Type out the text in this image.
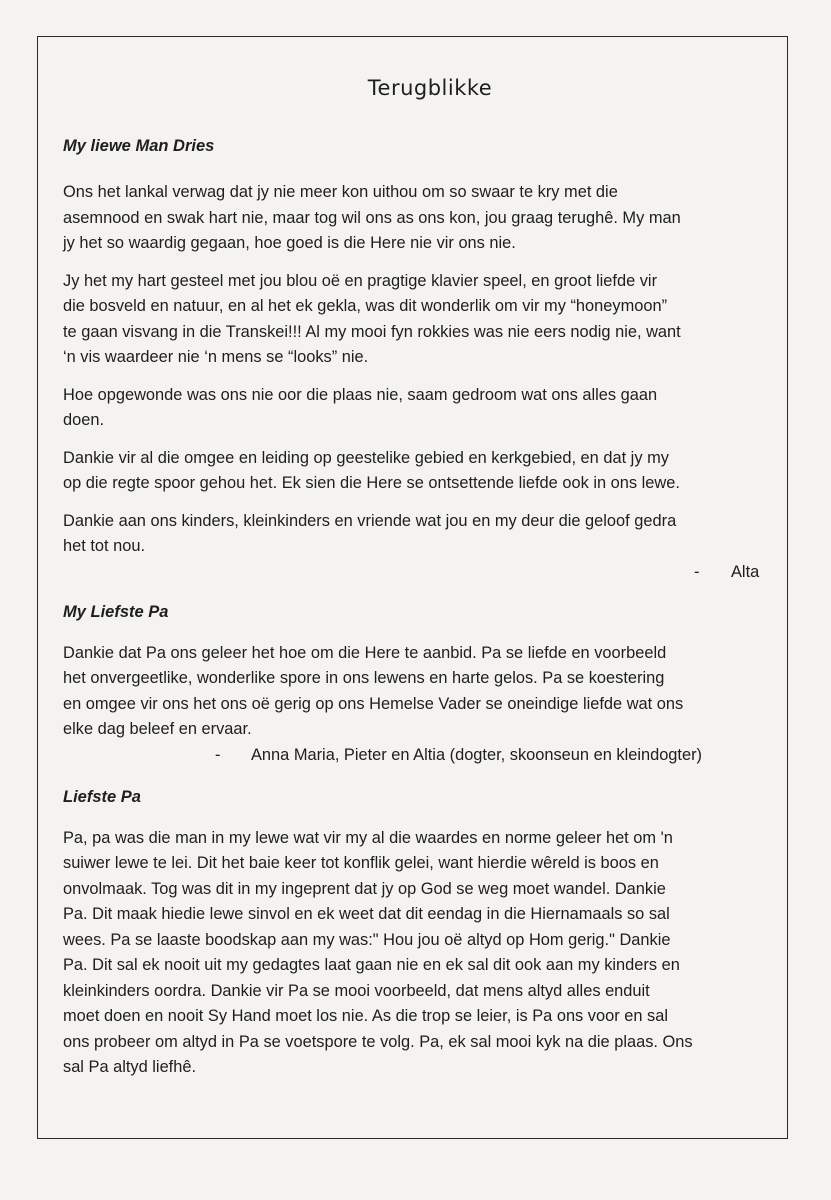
Terugblikke
My liewe Man Dries

Ons het lankal verwag dat jy nie meer kon uithou om so swaar te kry met die
asemnood en swak hart nie, maar tog wil ons as ons kon, jou graag terughê. My man
jy het so waardig gegaan, hoe goed is die Here nie vir ons nie.

Jy het my hart gesteel met jou blou oë en pragtige klavier speel, en groot liefde vir
die bosveld en natuur, en al het ek gekla, was dit wonderlik om vir my “honeymoon”
te gaan visvang in die Transkei!!! Al my mooi fyn rokkies was nie eers nodig nie, want
‘n vis waardeer nie ‘n mens se “looks” nie.

Hoe opgewonde was ons nie oor die plaas nie, saam gedroom wat ons alles gaan
doen.

Dankie vir al die omgee en leiding op geestelike gebied en kerkgebied, en dat jy my
op die regte spoor gehou het. Ek sien die Here se ontsettende liefde ook in ons lewe.

Dankie aan ons kinders, kleinkinders en vriende wat jou en my deur die geloof gedra
het tot nou.

- Alta
My Liefste Pa

Dankie dat Pa ons geleer het hoe om die Here te aanbid. Pa se liefde en voorbeeld
het onvergeetlike, wonderlike spore in ons lewens en harte gelos. Pa se koestering
en omgee vir ons het ons oë gerig op ons Hemelse Vader se oneindige liefde wat ons
elke dag beleef en ervaar.

- Anna Maria, Pieter en Altia (dogter, skoonseun en kleindogter)
Liefste Pa

Pa, pa was die man in my lewe wat vir my al die waardes en norme geleer het om 'n
suiwer lewe te lei. Dit het baie keer tot konflik gelei, want hierdie wêreld is boos en
onvolmaak. Tog was dit in my ingeprent dat jy op God se weg moet wandel. Dankie
Pa. Dit maak hiedie lewe sinvol en ek weet dat dit eendag in die Hiernamaals so sal
wees. Pa se laaste boodskap aan my was:" Hou jou oë altyd op Hom gerig." Dankie
Pa. Dit sal ek nooit uit my gedagtes laat gaan nie en ek sal dit ook aan my kinders en
kleinkinders oordra. Dankie vir Pa se mooi voorbeeld, dat mens altyd alles enduit
moet doen en nooit Sy Hand moet los nie. As die trop se leier, is Pa ons voor en sal
ons probeer om altyd in Pa se voetspore te volg. Pa, ek sal mooi kyk na die plaas. Ons
sal Pa altyd liefhê.
